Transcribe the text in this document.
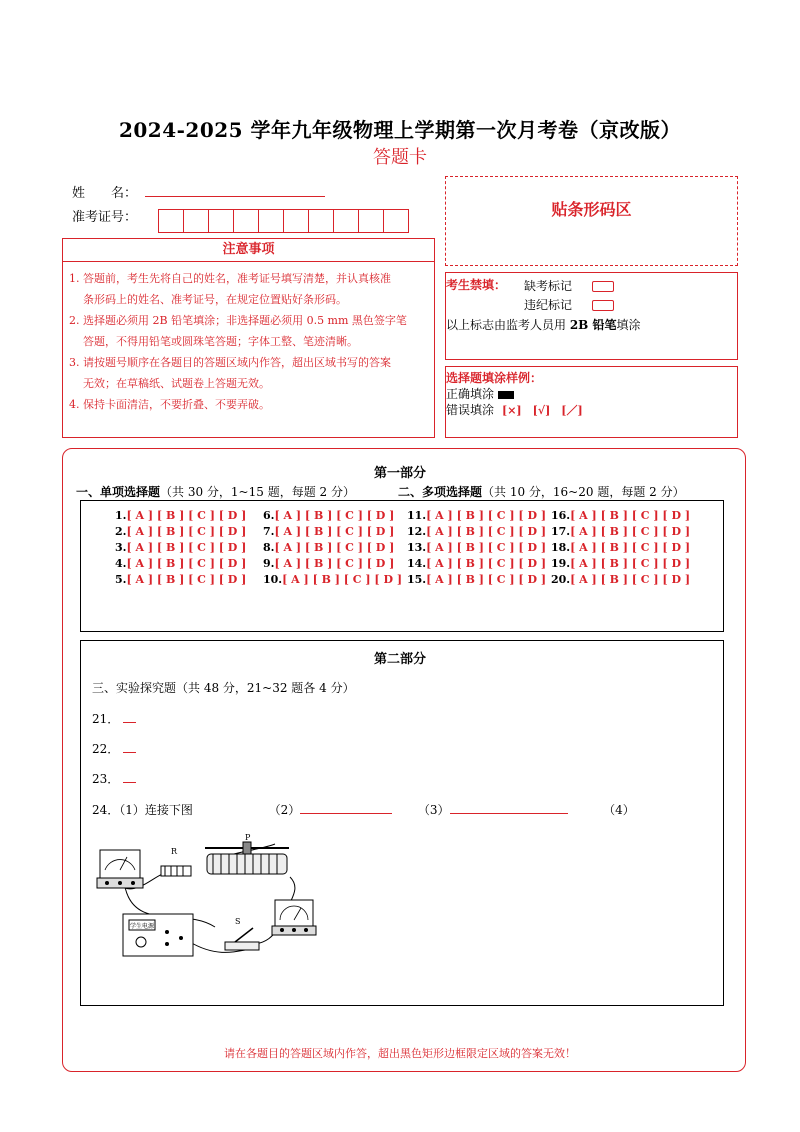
2024-2025 学年九年级物理上学期第一次月考卷（京改版）
答题卡
姓　　名：
准考证号：	贴条形码区
注意事项
1. 答题前，考生先将自己的姓名，准考证号填写清楚，并认真核准
条形码上的姓名、准考证号，在规定位置贴好条形码。
2. 选择题必须用 2B 铅笔填涂；非选择题必须用 0.5 mm 黑色签字笔
答题，不得用铅笔或圆珠笔答题；字体工整、笔迹清晰。
3. 请按题号顺序在各题目的答题区域内作答，超出区域书写的答案
无效；在草稿纸、试题卷上答题无效。
4. 保持卡面清洁，不要折叠、不要弄破。
考生禁填： 缺考标记
违纪标记
以上标志由监考人员用 2B 铅笔填涂
选择题填涂样例：
正确填涂
错误填涂 [×]　[√]　[／]
第一部分
一、单项选择题（共 30 分，1~15 题，每题 2 分）	二、多项选择题（共 10 分，16~20 题，每题 2 分）
1.[ A ] [ B ] [ C ] [ D ]
2.[ A ] [ B ] [ C ] [ D ]
3.[ A ] [ B ] [ C ] [ D ]
4.[ A ] [ B ] [ C ] [ D ]
5.[ A ] [ B ] [ C ] [ D ]
6.[ A ] [ B ] [ C ] [ D ]
7.[ A ] [ B ] [ C ] [ D ]
8.[ A ] [ B ] [ C ] [ D ]
9.[ A ] [ B ] [ C ] [ D ]
10.[ A ] [ B ] [ C ] [ D ]
11.[ A ] [ B ] [ C ] [ D ]
12.[ A ] [ B ] [ C ] [ D ]
13.[ A ] [ B ] [ C ] [ D ]
14.[ A ] [ B ] [ C ] [ D ]
15.[ A ] [ B ] [ C ] [ D ]
16.[ A ] [ B ] [ C ] [ D ]
17.[ A ] [ B ] [ C ] [ D ]
18.[ A ] [ B ] [ C ] [ D ]
19.[ A ] [ B ] [ C ] [ D ]
20.[ A ] [ B ] [ C ] [ D ]
第二部分
三、实验探究题（共 48 分，21~32 题各 4 分）
21．
22．
23．
24．（1）连接下图	（2）	（3）	（4）
R
P
学生电源
S
请在各题目的答题区域内作答，超出黑色矩形边框限定区域的答案无效！
